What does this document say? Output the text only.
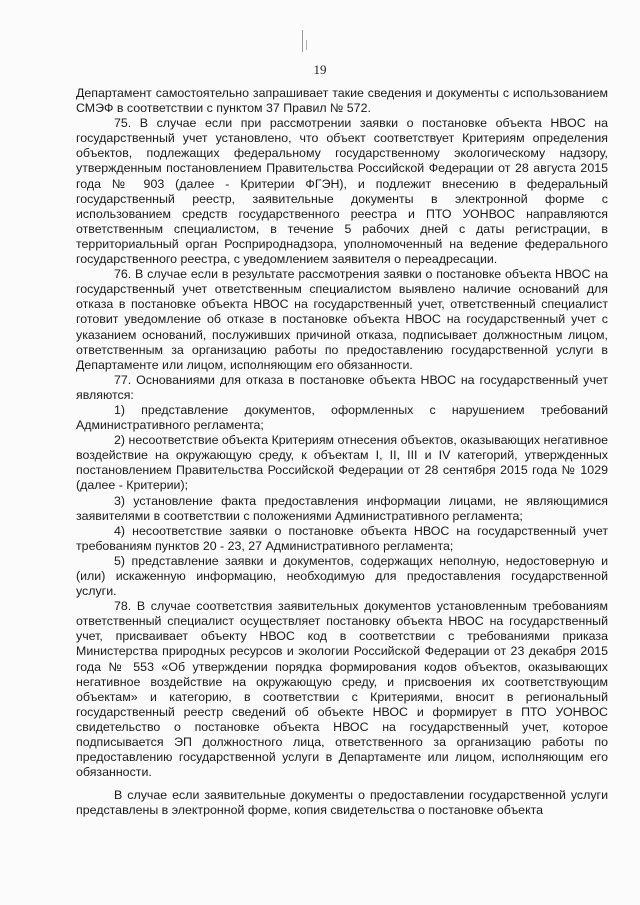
19

Департамент самостоятельно запрашивает такие сведения и документы с использованием СМЭФ в соответствии с пунктом 37 Правил № 572.

75. В случае если при рассмотрении заявки о постановке объекта НВОС на государственный учет установлено, что объект соответствует Критериям определения объектов, подлежащих федеральному государственному экологическому надзору, утвержденным постановлением Правительства Российской Федерации от 28 августа 2015 года № 903 (далее - Критерии ФГЭН), и подлежит внесению в федеральный государственный реестр, заявительные документы в электронной форме с использованием средств государственного реестра и ПТО УОНВОС направляются ответственным специалистом, в течение 5 рабочих дней с даты регистрации, в территориальный орган Росприроднадзора, уполномоченный на ведение федерального государственного реестра, с уведомлением заявителя о переадресации.

76. В случае если в результате рассмотрения заявки о постановке объекта НВОС на государственный учет ответственным специалистом выявлено наличие оснований для отказа в постановке объекта НВОС на государственный учет, ответственный специалист готовит уведомление об отказе в постановке объекта НВОС на государственный учет с указанием оснований, послуживших причиной отказа, подписывает должностным лицом, ответственным за организацию работы по предоставлению государственной услуги в Департаменте или лицом, исполняющим его обязанности.

77. Основаниями для отказа в постановке объекта НВОС на государственный учет являются:

1) представление документов, оформленных с нарушением требований Административного регламента;

2) несоответствие объекта Критериям отнесения объектов, оказывающих негативное воздействие на окружающую среду, к объектам I, II, III и IV категорий, утвержденных постановлением Правительства Российской Федерации от 28 сентября 2015 года № 1029 (далее - Критерии);

3) установление факта предоставления информации лицами, не являющимися заявителями в соответствии с положениями Административного регламента;

4) несоответствие заявки о постановке объекта НВОС на государственный учет требованиям пунктов 20 - 23, 27 Административного регламента;

5) представление заявки и документов, содержащих неполную, недостоверную и (или) искаженную информацию, необходимую для предоставления государственной услуги.

78. В случае соответствия заявительных документов установленным требованиям ответственный специалист осуществляет постановку объекта НВОС на государственный учет, присваивает объекту НВОС код в соответствии с требованиями приказа Министерства природных ресурсов и экологии Российской Федерации от 23 декабря 2015 года № 553 «Об утверждении порядка формирования кодов объектов, оказывающих негативное воздействие на окружающую среду, и присвоения их соответствующим объектам» и категорию, в соответствии с Критериями, вносит в региональный государственный реестр сведений об объекте НВОС и формирует в ПТО УОНВОС свидетельство о постановке объекта НВОС на государственный учет, которое подписывается ЭП должностного лица, ответственного за организацию работы по предоставлению государственной услуги в Департаменте или лицом, исполняющим его обязанности.

В случае если заявительные документы о предоставлении государственной услуги представлены в электронной форме, копия свидетельства о постановке объекта
